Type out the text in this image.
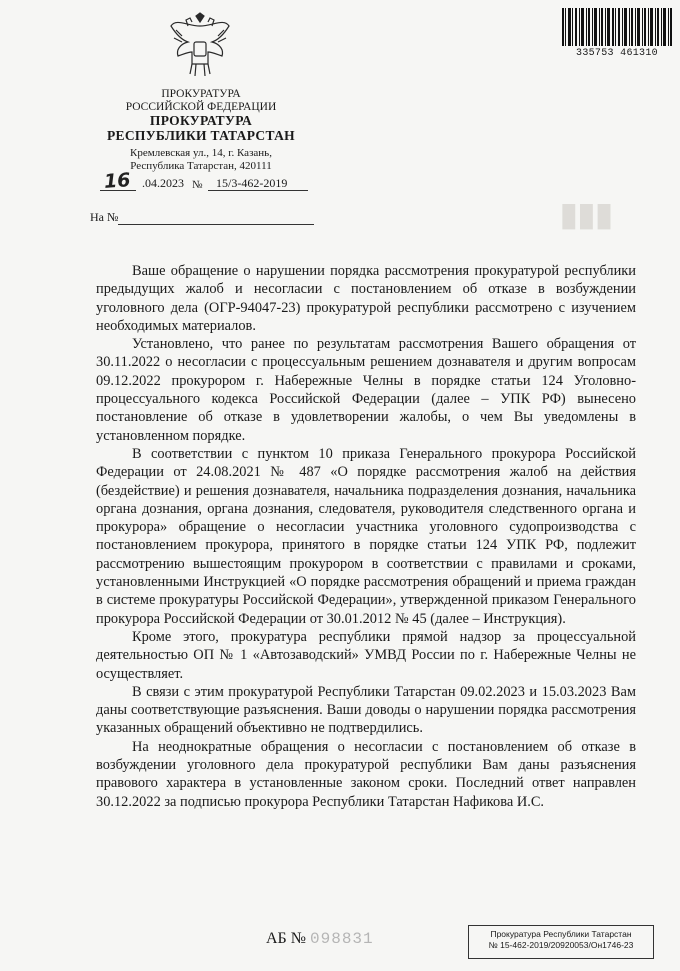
▮▮▮
335753 461310
ПРОКУРАТУРА
РОССИЙСКОЙ ФЕДЕРАЦИИ
ПРОКУРАТУРА
РЕСПУБЛИКИ ТАТАРСТАН
Кремлевская ул., 14, г. Казань,
Республика Татарстан, 420111
16 .04.2023 № 15/3-462-2019
На №

Ваше обращение о нарушении порядка рассмотрения прокуратурой республики предыдущих жалоб и несогласии с постановлением об отказе в возбуждении уголовного дела (ОГР-94047-23) прокуратурой республики рассмотрено с изучением необходимых материалов.

Установлено, что ранее по результатам рассмотрения Вашего обращения от 30.11.2022 о несогласии с процессуальным решением дознавателя и другим вопросам 09.12.2022 прокурором г. Набережные Челны в порядке статьи 124 Уголовно-процессуального кодекса Российской Федерации (далее – УПК РФ) вынесено постановление об отказе в удовлетворении жалобы, о чем Вы уведомлены в установленном порядке.

В соответствии с пунктом 10 приказа Генерального прокурора Российской Федерации от 24.08.2021 № 487 «О порядке рассмотрения жалоб на действия (бездействие) и решения дознавателя, начальника подразделения дознания, начальника органа дознания, органа дознания, следователя, руководителя следственного органа и прокурора» обращение о несогласии участника уголовного судопроизводства с постановлением прокурора, принятого в порядке статьи 124 УПК РФ, подлежит рассмотрению вышестоящим прокурором в соответствии с правилами и сроками, установленными Инструкцией «О порядке рассмотрения обращений и приема граждан в системе прокуратуры Российской Федерации», утвержденной приказом Генерального прокурора Российской Федерации от 30.01.2012 № 45 (далее – Инструкция).

Кроме этого, прокуратура республики прямой надзор за процессуальной деятельностью ОП № 1 «Автозаводский» УМВД России по г. Набережные Челны не осуществляет.

В связи с этим прокуратурой Республики Татарстан 09.02.2023 и 15.03.2023 Вам даны соответствующие разъяснения. Ваши доводы о нарушении порядка рассмотрения указанных обращений объективно не подтвердились.

На неоднократные обращения о несогласии с постановлением об отказе в возбуждении уголовного дела прокуратурой республики Вам даны разъяснения правового характера в установленные законом сроки. Последний ответ направлен 30.12.2022 за подписью прокурора Республики Татарстан Нафикова И.С.

АБ № 098831	Прокуратура Республики Татарстан
№ 15-462-2019/20920053/Он1746-23
